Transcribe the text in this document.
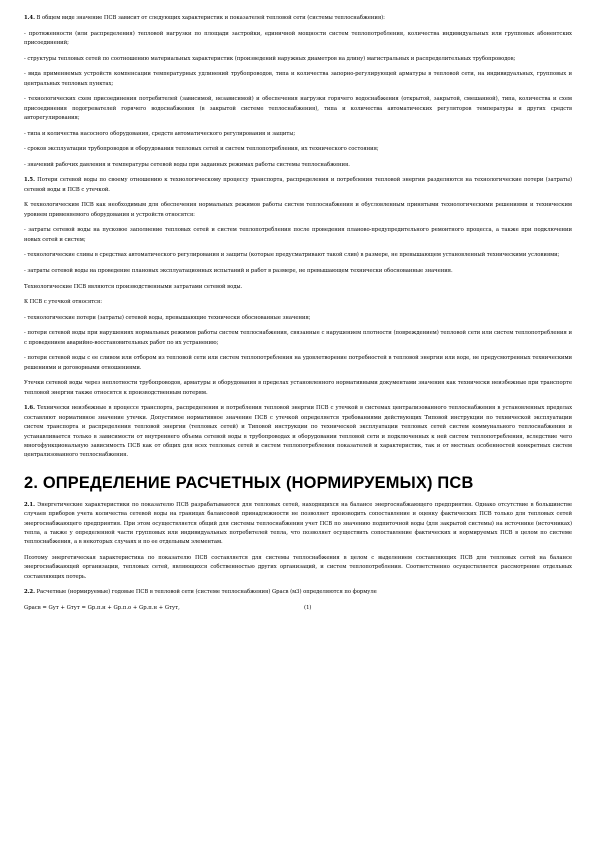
1.4. В общем виде значение ПСВ зависит от следующих характеристик и показателей тепловой сети (системы теплоснабжения):

- протяженности (или распределения) тепловой нагрузки по площади застройки, единичной мощности систем теплопотребления, количества индивидуальных или групповых абонентских присоединений;

- структуры тепловых сетей по соотношению материальных характеристик (произведений наружных диаметров на длину) магистральных и распределительных трубопроводов;

- вида применяемых устройств компенсации температурных удлинений трубопроводов, типа и количества запорно-регулирующей арматуры в тепловой сети, на индивидуальных, групповых и центральных тепловых пунктах;

- технологических схем присоединения потребителей (зависимой, независимой) и обеспечения нагрузки горячего водоснабжения (открытой, закрытой, смешанной), типа, количества и схем присоединения подогревателей горячего водоснабжения (в закрытой системе теплоснабжения), типа и количества автоматических регуляторов температуры и других средств авторегулирования;

- типа и количества насосного оборудования, средств автоматического регулирования и защиты;

- сроков эксплуатации трубопроводов и оборудования тепловых сетей и систем теплопотребления, их технического состояния;

- значений рабочих давления и температуры сетевой воды при заданных режимах работы системы теплоснабжения.

1.5. Потери сетевой воды по своему отношению к технологическому процессу транспорта, распределения и потребления тепловой энергии разделяются на технологические потери (затраты) сетевой воды и ПСВ с утечкой.

К технологическим ПСВ как необходимым для обеспечения нормальных режимов работы систем теплоснабжения и обусловленным принятыми технологическими решениями и техническим уровнем применяемого оборудования и устройств относятся:

- затраты сетевой воды на пусковое заполнение тепловых сетей и систем теплопотребления после проведения планово-предупредительного ремонтного процесса, а также при подключении новых сетей и систем;

- технологические сливы в средствах автоматического регулирования и защиты (которые предусматривают такой слив) в размере, не превышающем установленный техническими условиями;

- затраты сетевой воды на проведение плановых эксплуатационных испытаний и работ в размере, не превышающем технически обоснованные значения.

Технологические ПСВ являются производственными затратами сетевой воды.

К ПСВ с утечкой относятся:

- технологические потери (затраты) сетевой воды, превышающие технически обоснованные значения;

- потери сетевой воды при нарушениях нормальных режимов работы систем теплоснабжения, связанные с нарушением плотности (повреждением) тепловой сети или систем теплопотребления и с проведением аварийно-восстановительных работ по их устранению;

- потери сетевой воды с ее сливом или отбором из тепловой сети или систем теплопотребления на удовлетворение потребностей в тепловой энергии или воде, не предусмотренных техническими решениями и договорными отношениями.

Утечки сетевой воды через неплотности трубопроводов, арматуры и оборудования в пределах установленного нормативными документами значения как технически неизбежные при транспорте тепловой энергии также относятся к производственным потерям.

1.6. Технически неизбежные в процессе транспорта, распределения и потребления тепловой энергии ПСВ с утечкой в системах централизованного теплоснабжения в установленных пределах составляют нормативное значение утечки. Допустимое нормативное значение ПСВ с утечкой определяется требованиями действующих Типовой инструкции по технической эксплуатации систем транспорта и распределения тепловой энергии (тепловых сетей) и Типовой инструкции по технической эксплуатации тепловых сетей систем коммунального теплоснабжения и устанавливается только в зависимости от внутреннего объема сетевой воды в трубопроводах и оборудовании тепловой сети и подключенных к ней систем теплопотребления, вследствие чего многофункциональную зависимость ПСВ как от общих для всех тепловых сетей и систем теплопотребления показателей и характеристик, так и от местных особенностей конкретных систем централизованного теплоснабжения.

2. ОПРЕДЕЛЕНИЕ РАСЧЕТНЫХ (НОРМИРУЕМЫХ) ПСВ

2.1. Энергетические характеристики по показателю ПСВ разрабатываются для тепловых сетей, находящихся на балансе энергоснабжающего предприятия. Однако отсутствие в большинстве случаев приборов учета количества сетевой воды на границах балансовой принадлежности не позволяет производить сопоставление и оценку фактических ПСВ только для тепловых сетей энергоснабжающего предприятия. При этом осуществляется общий для системы теплоснабжения учет ПСВ по значению подпиточной воды (для закрытой системы) на источнике (источниках) тепла, а также у определенной части групповых или индивидуальных потребителей тепла, что позволяет осуществить сопоставление фактических и нормируемых ПСВ в целом по системе теплоснабжения, а в некоторых случаях и по ее отдельным элементам.

Поэтому энергетическая характеристика по показателю ПСВ составляется для системы теплоснабжения в целом с выделением составляющих ПСВ для тепловых сетей на балансе энергоснабжающей организации, тепловых сетей, являющихся собственностью других организаций, и систем теплопотребления. Соответственно осуществляется рассмотрение отдельных составляющих потерь.

2.2. Расчетные (нормируемые) годовые ПСВ в тепловой сети (системе теплоснабжения) Gрасв (м3) определяются по формуле

Gрасв = Gут + Gтут = Gр.п.н + Gр.п.о + Gр.п.н + Gтут,	(1)
